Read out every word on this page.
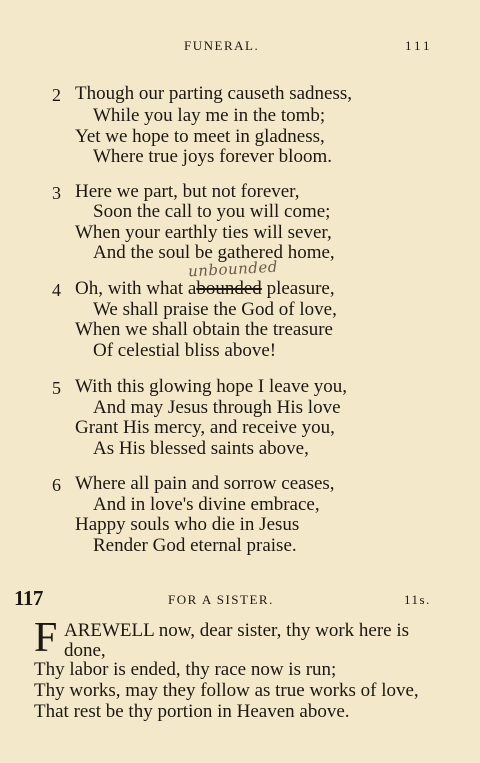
FUNERAL.	111
2 Though our parting causeth sadness,
While you lay me in the tomb;
Yet we hope to meet in gladness,
Where true joys forever bloom.
3 Here we part, but not forever,
Soon the call to you will come;
When your earthly ties will sever,
And the soul be gathered home,
unbounded
4 Oh, with what abounded pleasure,
We shall praise the God of love,
When we shall obtain the treasure
Of celestial bliss above!
5 With this glowing hope I leave you,
And may Jesus through His love
Grant His mercy, and receive you,
As His blessed saints above,
6 Where all pain and sorrow ceases,
And in love's divine embrace,
Happy souls who die in Jesus
Render God eternal praise.
117	FOR A SISTER.	11s.
F AREWELL now, dear sister, thy work here is
done,
Thy labor is ended, thy race now is run;
Thy works, may they follow as true works of love,
That rest be thy portion in Heaven above.
